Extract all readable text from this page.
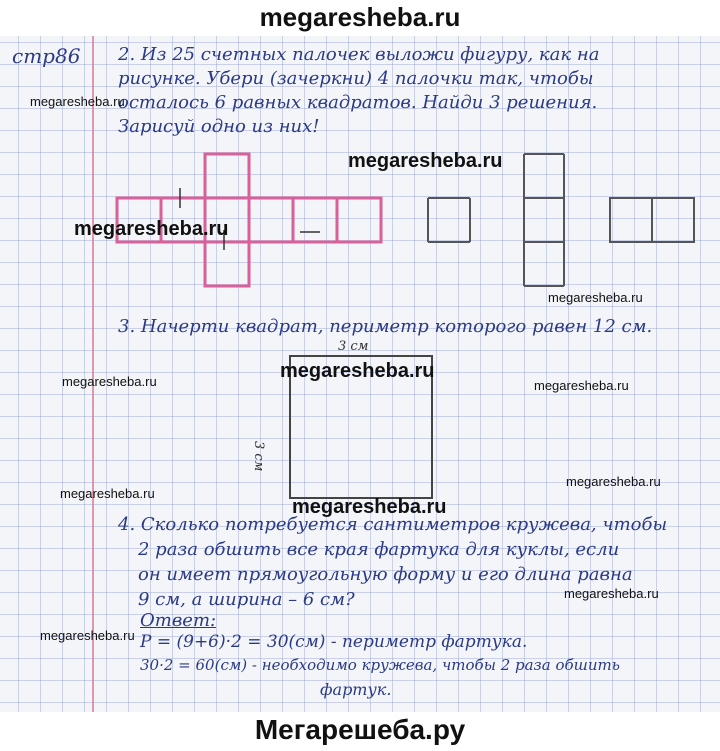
megaresheba.ru
стр86 2. Из 25 счетных палочек выложи фигуру, как на
рисунке. Убери (зачеркни) 4 палочки так, чтобы
осталось 6 равных квадратов. Найди 3 решения.
Зарисуй одно из них!
3. Начерти квадрат, периметр которого равен 12 см.
3 см
3 см
4. Сколько потребуется сантиметров кружева, чтобы
2 раза обшить все края фартука для куклы, если
он имеет прямоугольную форму и его длина равна
9 см, а ширина – 6 см?
Ответ:
Р = (9+6)·2 = 30(см) - периметр фартука.
30·2 = 60(см) - необходимо кружева, чтобы 2 раза обшить
фартук.
megaresheba.ru
megaresheba.ru
megaresheba.ru
megaresheba.ru
megaresheba.ru
megaresheba.ru	megaresheba.ru
megaresheba.ru
megaresheba.ru
megaresheba.ru
megaresheba.ru
megaresheba.ru
Мегарешеба.ру
